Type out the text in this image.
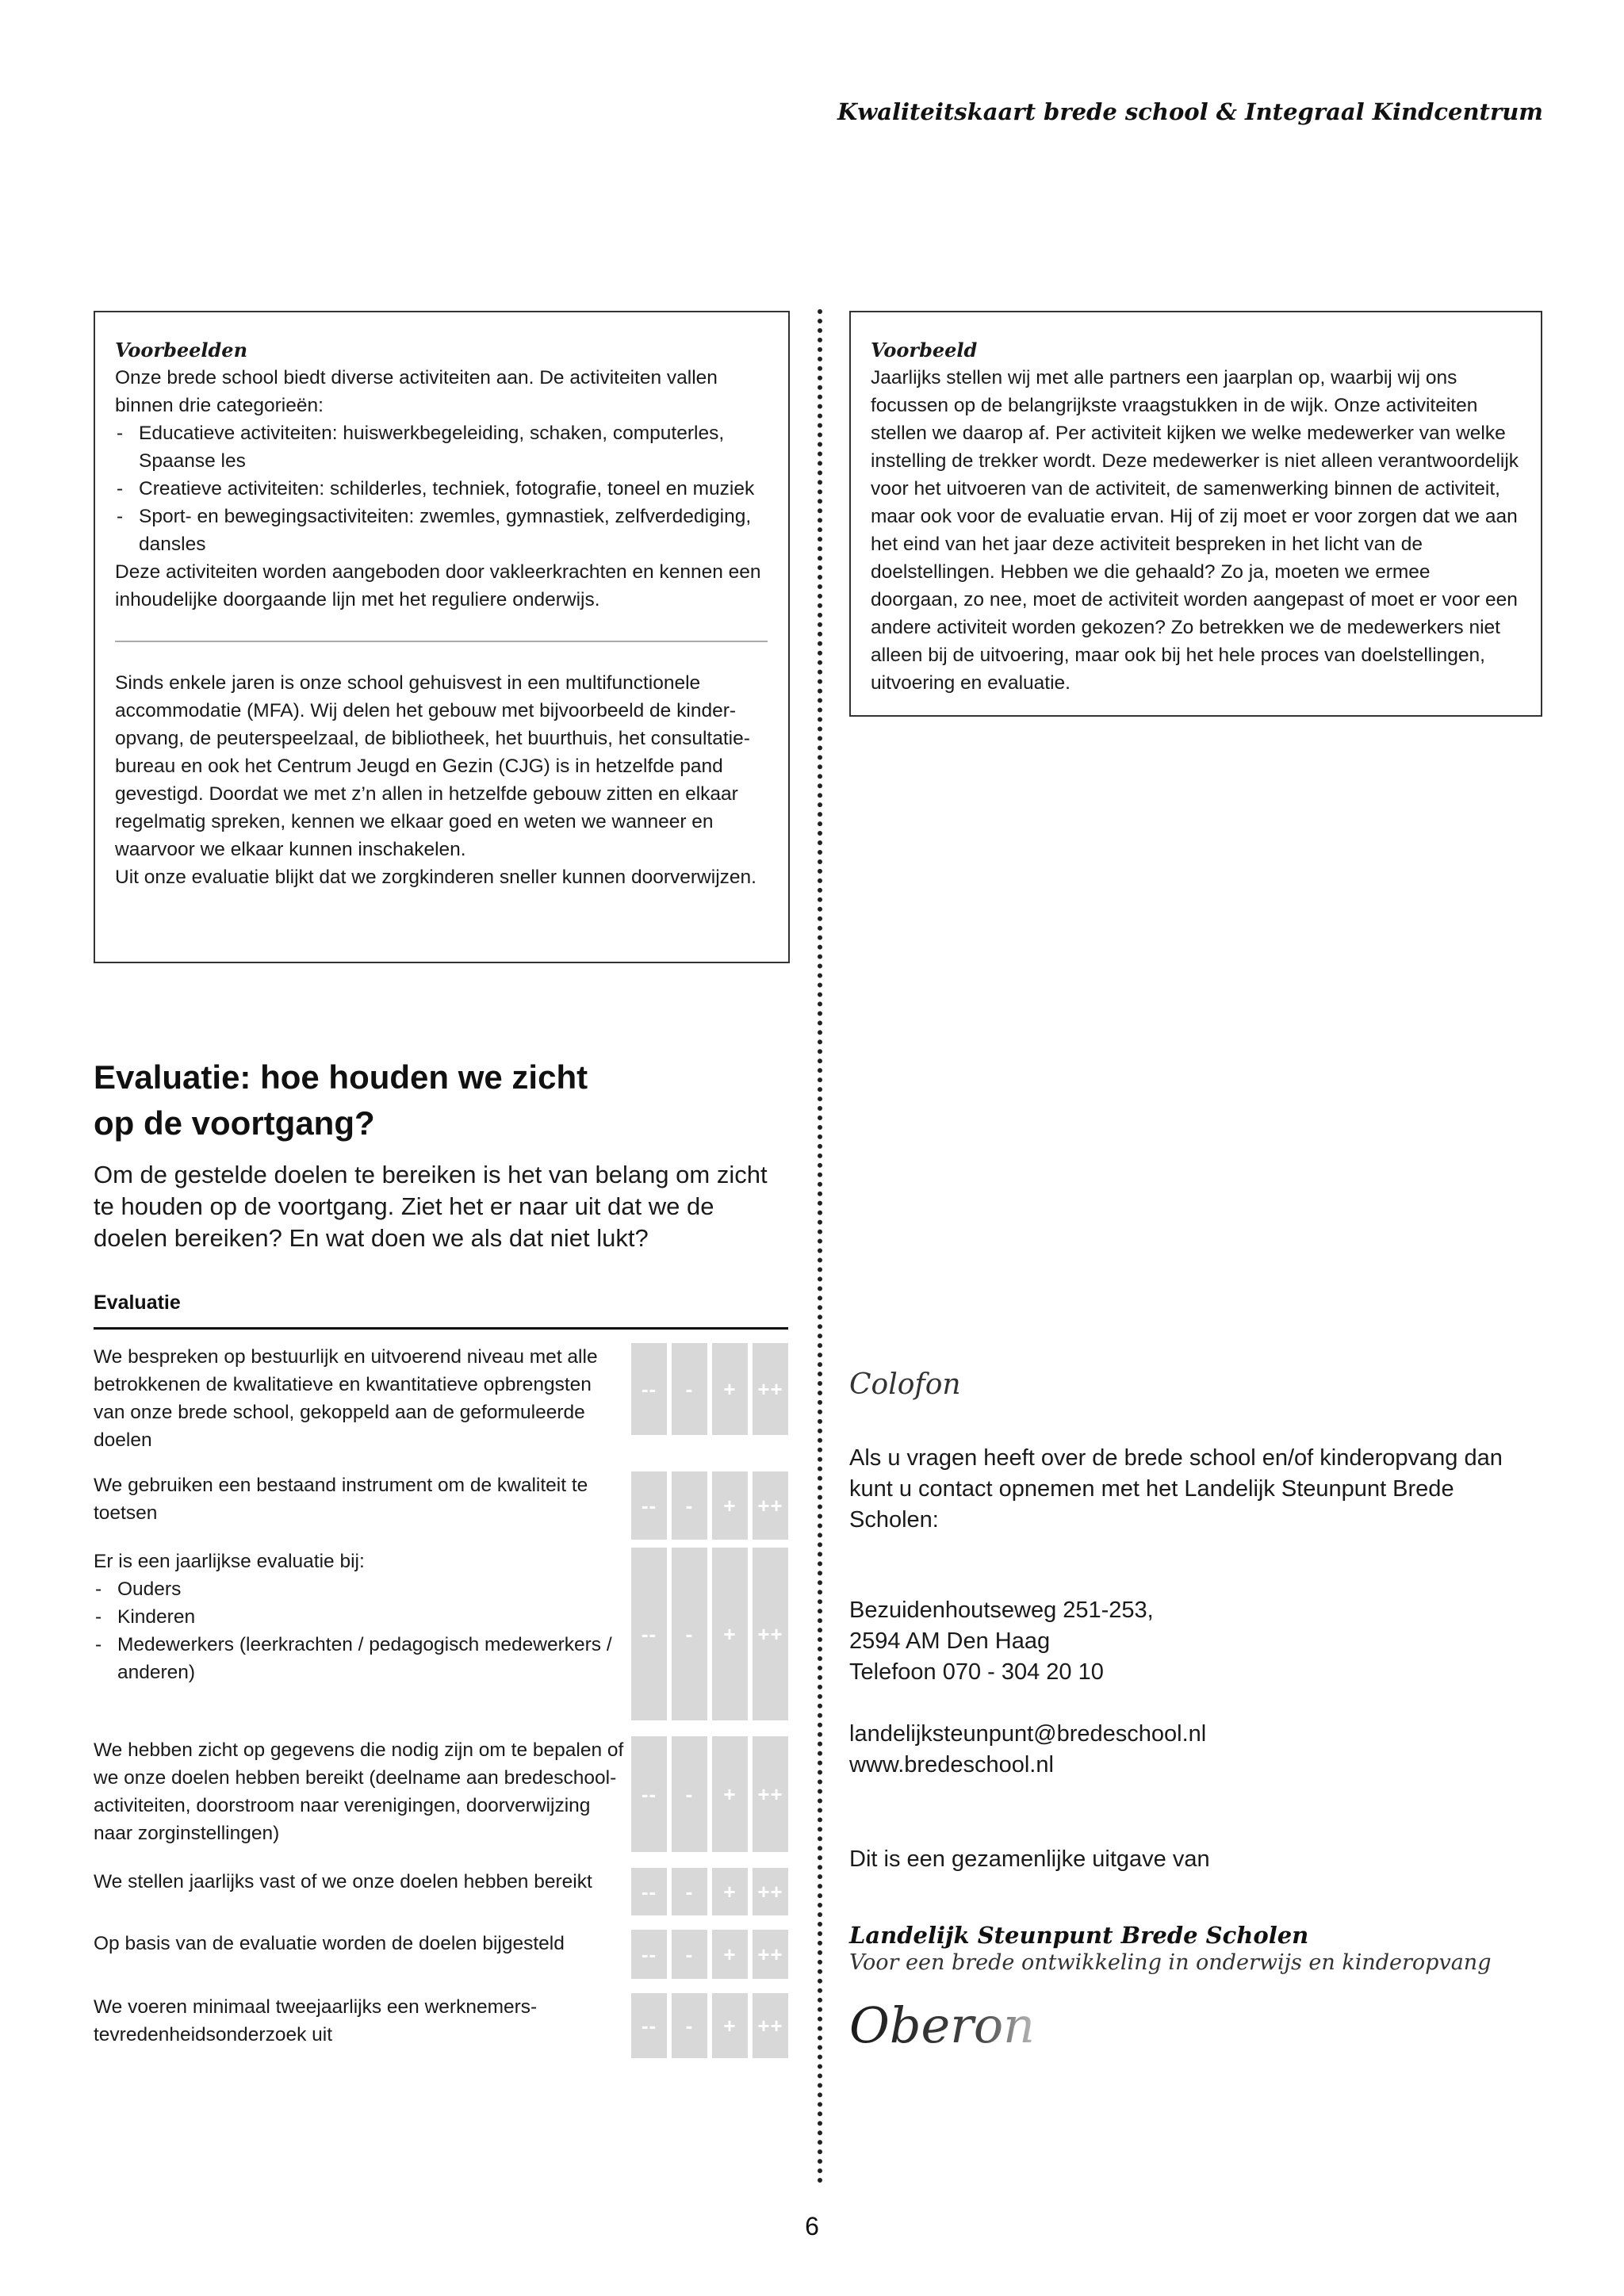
Kwaliteitskaart brede school & Integraal Kindcentrum
Voorbeelden

Onze brede school biedt diverse activiteiten aan. De activiteiten vallen binnen drie categorieën:

- Educatieve activiteiten: huiswerkbegeleiding, schaken, computerles, Spaanse les
- Creatieve activiteiten: schilderles, techniek, fotografie, toneel en muziek
- Sport- en bewegingsactiviteiten: zwemles, gymnastiek, zelfverdediging, dansles

Deze activiteiten worden aangeboden door vakleerkrachten en kennen een inhoudelijke doorgaande lijn met het reguliere onderwijs.

Sinds enkele jaren is onze school gehuisvest in een multifunctionele accommodatie (MFA). Wij delen het gebouw met bijvoorbeeld de kinderopvang, de peuterspeelzaal, de bibliotheek, het buurthuis, het consultatiebureau en ook het Centrum Jeugd en Gezin (CJG) is in hetzelfde pand gevestigd. Doordat we met z’n allen in hetzelfde gebouw zitten en elkaar regelmatig spreken, kennen we elkaar goed en weten we wanneer en waarvoor we elkaar kunnen inschakelen.

Uit onze evaluatie blijkt dat we zorgkinderen sneller kunnen doorverwijzen.

Voorbeeld

Jaarlijks stellen wij met alle partners een jaarplan op, waarbij wij ons focussen op de belangrijkste vraagstukken in de wijk. Onze activiteiten stellen we daarop af. Per activiteit kijken we welke medewerker van welke instelling de trekker wordt. Deze medewerker is niet alleen verantwoordelijk voor het uitvoeren van de activiteit, de samenwerking binnen de activiteit, maar ook voor de evaluatie ervan. Hij of zij moet er voor zorgen dat we aan het eind van het jaar deze activiteit bespreken in het licht van de doelstellingen. Hebben we die gehaald? Zo ja, moeten we ermee doorgaan, zo nee, moet de activiteit worden aangepast of moet er voor een andere activiteit worden gekozen? Zo betrekken we de medewerkers niet alleen bij de uitvoering, maar ook bij het hele proces van doelstellingen, uitvoering en evaluatie.

Evaluatie: hoe houden we zicht
op de voortgang?
Om de gestelde doelen te bereiken is het van belang om zicht te houden op de voortgang. Ziet het er naar uit dat we de doelen bereiken? En wat doen we als dat niet lukt?
Evaluatie
We bespreken op bestuurlijk en uitvoerend niveau met alle betrokkenen de kwalitatieve en kwantitatieve opbrengsten van onze brede school, gekoppeld aan de geformuleerde doelen
--	-	+	++
We gebruiken een bestaand instrument om de kwaliteit te toetsen	--	-	+	++
Er is een jaarlijkse evaluatie bij:
- Ouders
- Kinderen
- Medewerkers (leerkrachten / pedagogisch medewerkers / anderen)
--	-	+	++
We hebben zicht op gegevens die nodig zijn om te bepalen of we onze doelen hebben bereikt (deelname aan bredeschoolactiviteiten, doorstroom naar verenigingen, doorverwijzing naar zorginstellingen)
--	-	+	++
We stellen jaarlijks vast of we onze doelen hebben bereikt	--	-	+	++
Op basis van de evaluatie worden de doelen bijgesteld	--	-	+	++
We voeren minimaal tweejaarlijks een werknemerstevredenheidsonderzoek uit	--	-	+	++
Colofon
Als u vragen heeft over de brede school en/of kinderopvang dan kunt u contact opnemen met het Landelijk Steunpunt Brede Scholen:

Bezuidenhoutseweg 251-253,

2594 AM Den Haag

Telefoon 070 - 304 20 10

landelijksteunpunt@bredeschool.nl

www.bredeschool.nl

Dit is een gezamenlijke uitgave van
Landelijk Steunpunt Brede Scholen
Voor een brede ontwikkeling in onderwijs en kinderopvang
Oberon
6
